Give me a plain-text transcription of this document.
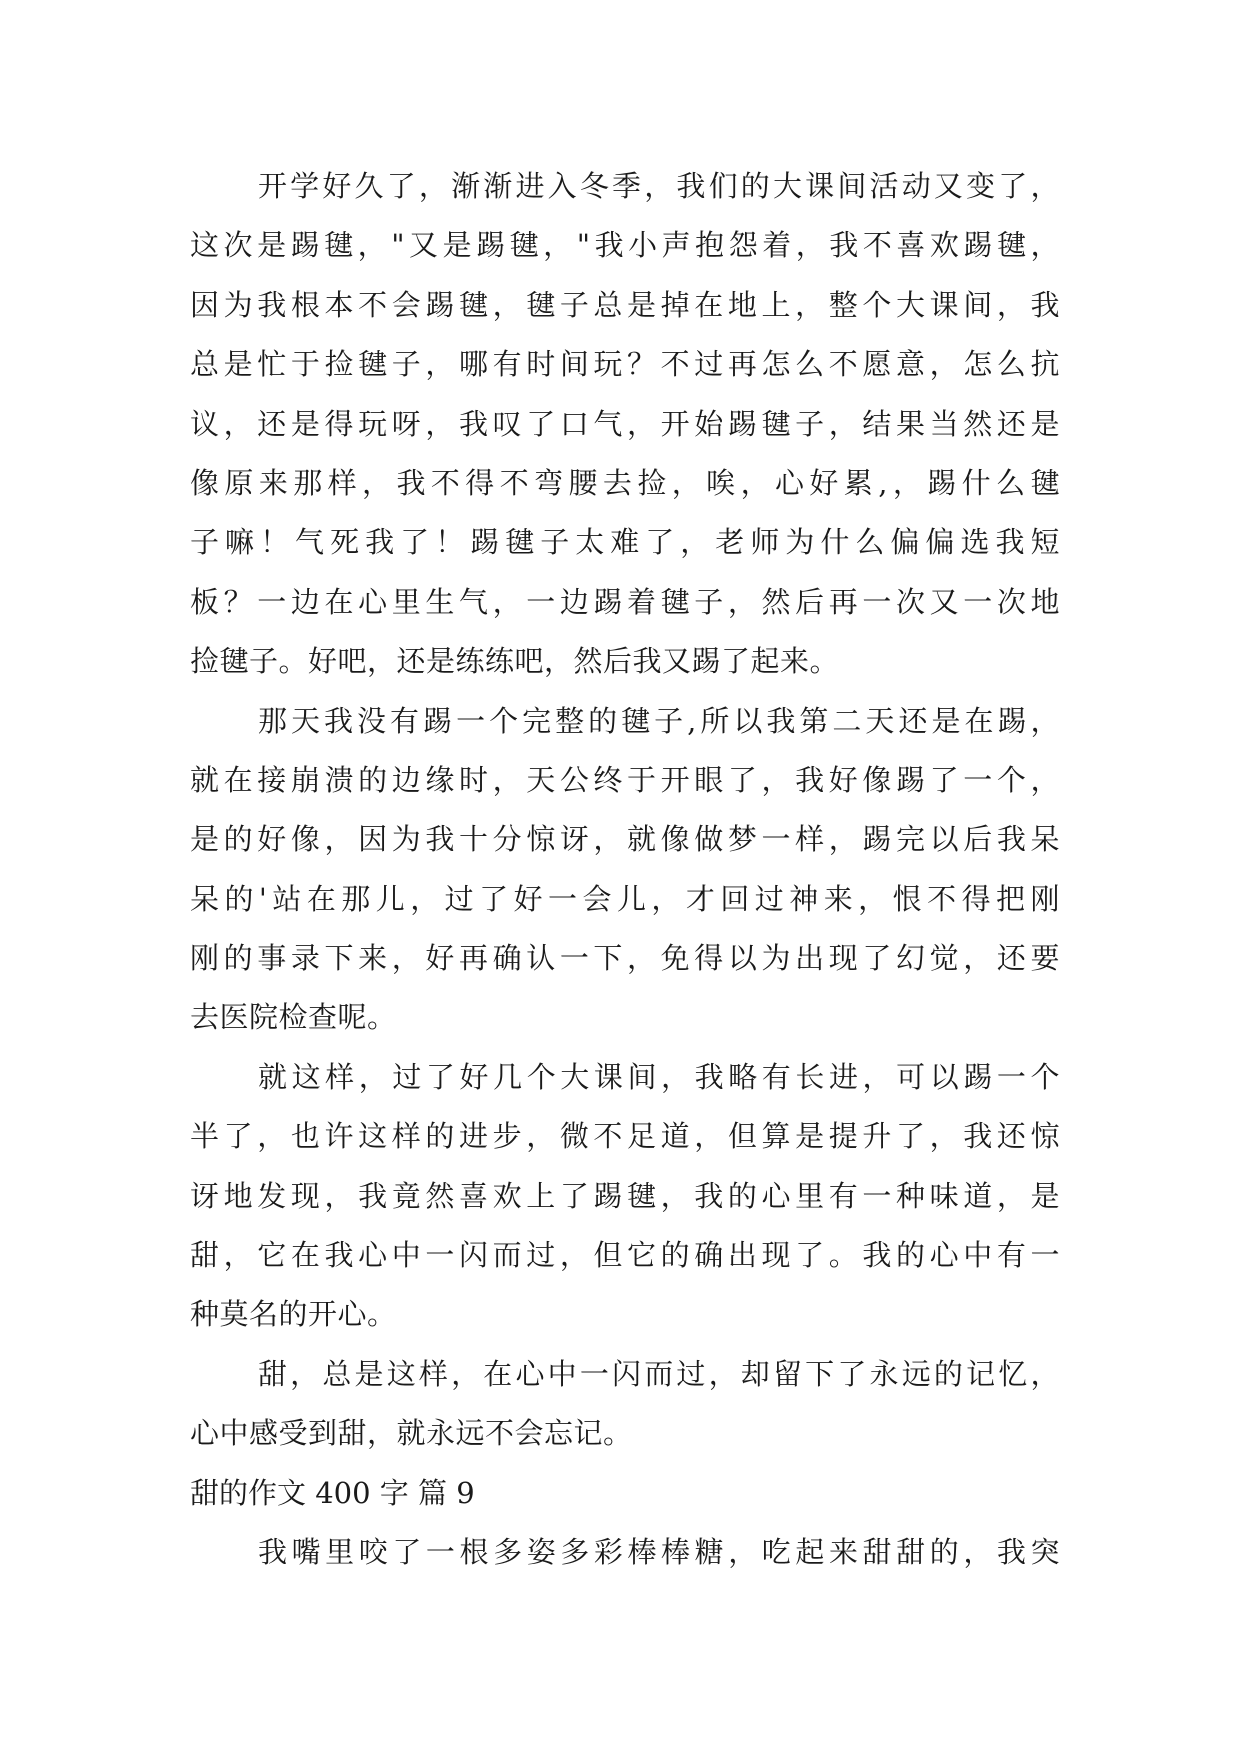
开学好久了，渐渐进入冬季，我们的大课间活动又变了，
这次是踢毽，"又是踢毽，"我小声抱怨着，我不喜欢踢毽，
因为我根本不会踢毽，毽子总是掉在地上，整个大课间，我
总是忙于捡毽子，哪有时间玩？不过再怎么不愿意，怎么抗
议，还是得玩呀，我叹了口气，开始踢毽子，结果当然还是
像原来那样，我不得不弯腰去捡，唉，心好累,，踢什么毽
子嘛！气死我了！踢毽子太难了，老师为什么偏偏选我短
板？一边在心里生气，一边踢着毽子，然后再一次又一次地
捡毽子。好吧，还是练练吧，然后我又踢了起来。
那天我没有踢一个完整的毽子,所以我第二天还是在踢，
就在接崩溃的边缘时，天公终于开眼了，我好像踢了一个，
是的好像，因为我十分惊讶，就像做梦一样，踢完以后我呆
呆的'站在那儿，过了好一会儿，才回过神来，恨不得把刚
刚的事录下来，好再确认一下，免得以为出现了幻觉，还要
去医院检查呢。
就这样，过了好几个大课间，我略有长进，可以踢一个
半了，也许这样的进步，微不足道，但算是提升了，我还惊
讶地发现，我竟然喜欢上了踢毽，我的心里有一种味道，是
甜，它在我心中一闪而过，但它的确出现了。我的心中有一
种莫名的开心。
甜，总是这样，在心中一闪而过，却留下了永远的记忆，
心中感受到甜，就永远不会忘记。
甜的作文 400 字 篇 9
我嘴里咬了一根多姿多彩棒棒糖，吃起来甜甜的，我突
